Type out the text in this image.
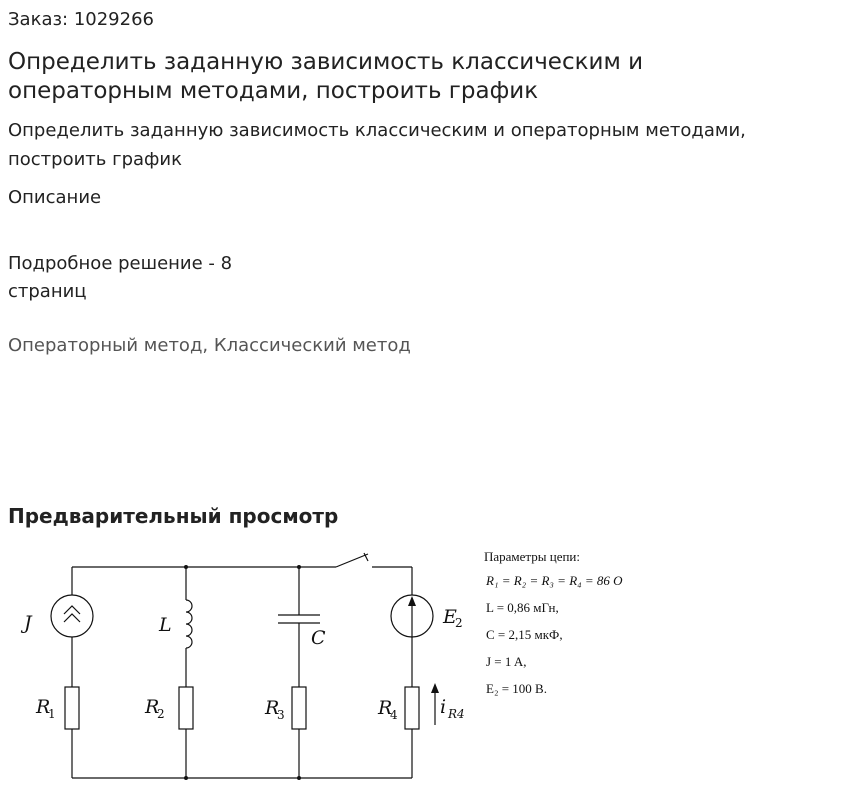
Заказ: 1029266
Определить заданную зависимость классическим и операторным методами, построить график
Определить заданную зависимость классическим и операторным методами, построить график
Описание
Подробное решение - 8
страниц
Операторный метод, Классический метод
Предварительный просмотр
J	L
C
E
R	R	R	R	i
2
1	2	3	4	R4
Параметры цепи:
R₁ = R₂ = R₃ = R₄ = 86 О
L = 0,86 мГн,
C = 2,15 мкФ,
J = 1 A,
E₂ = 100 В.
